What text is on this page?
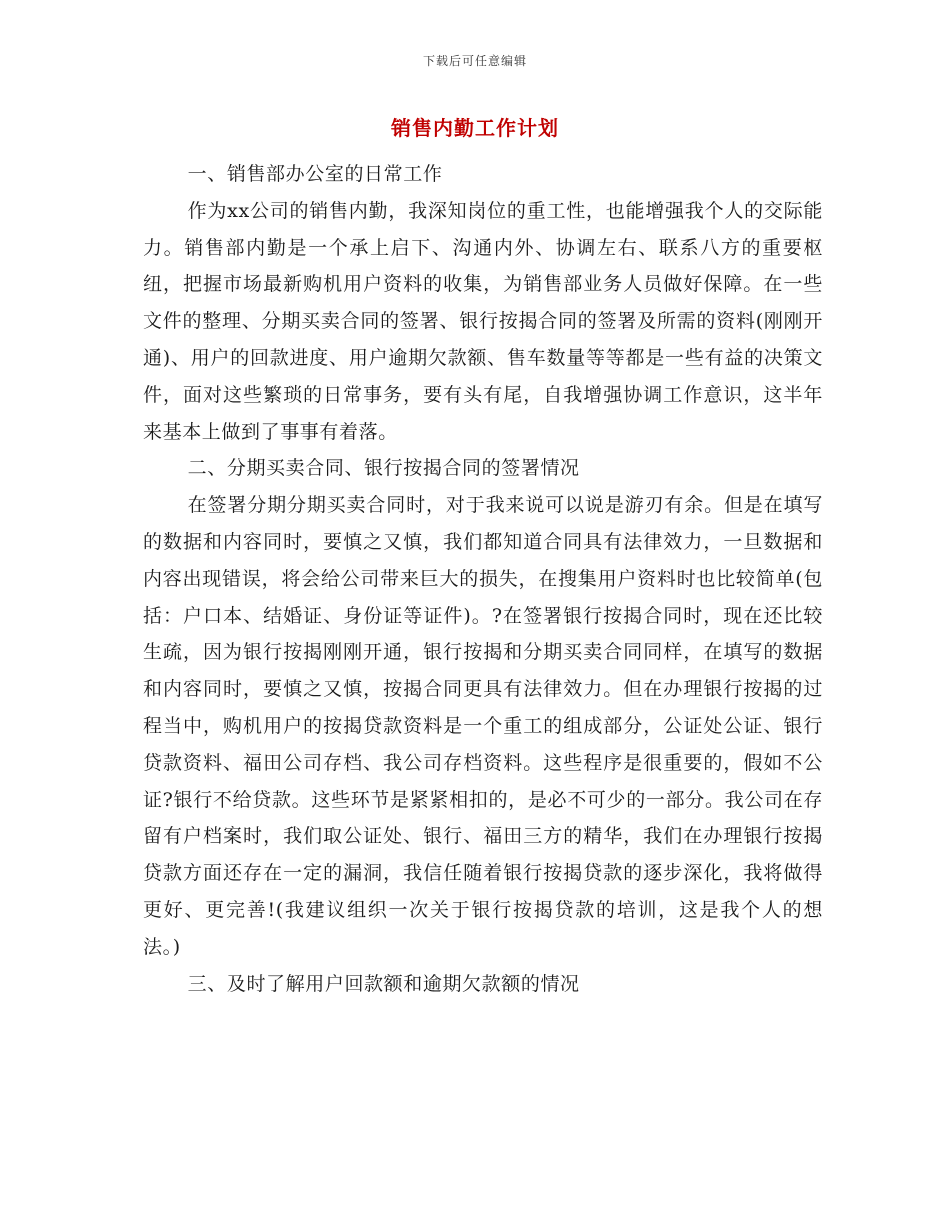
下载后可任意编辑
销售内勤工作计划

一、销售部办公室的日常工作

作为xx公司的销售内勤，我深知岗位的重工性，也能增强我个人的交际能力。销售部内勤是一个承上启下、沟通内外、协调左右、联系八方的重要枢纽，把握市场最新购机用户资料的收集，为销售部业务人员做好保障。在一些文件的整理、分期买卖合同的签署、银行按揭合同的签署及所需的资料(刚刚开通)、用户的回款进度、用户逾期欠款额、售车数量等等都是一些有益的决策文件，面对这些繁琐的日常事务，要有头有尾，自我增强协调工作意识，这半年来基本上做到了事事有着落。

二、分期买卖合同、银行按揭合同的签署情况

在签署分期分期买卖合同时，对于我来说可以说是游刃有余。但是在填写的数据和内容同时，要慎之又慎，我们都知道合同具有法律效力，一旦数据和内容出现错误，将会给公司带来巨大的损失，在搜集用户资料时也比较简单(包括：户口本、结婚证、身份证等证件)。?在签署银行按揭合同时，现在还比较生疏，因为银行按揭刚刚开通，银行按揭和分期买卖合同同样，在填写的数据和内容同时，要慎之又慎，按揭合同更具有法律效力。但在办理银行按揭的过程当中，购机用户的按揭贷款资料是一个重工的组成部分，公证处公证、银行贷款资料、福田公司存档、我公司存档资料。这些程序是很重要的，假如不公证?银行不给贷款。这些环节是紧紧相扣的，是必不可少的一部分。我公司在存留有户档案时，我们取公证处、银行、福田三方的精华，我们在办理银行按揭贷款方面还存在一定的漏洞，我信任随着银行按揭贷款的逐步深化，我将做得更好、更完善!(我建议组织一次关于银行按揭贷款的培训，这是我个人的想法。)

三、及时了解用户回款额和逾期欠款额的情况
